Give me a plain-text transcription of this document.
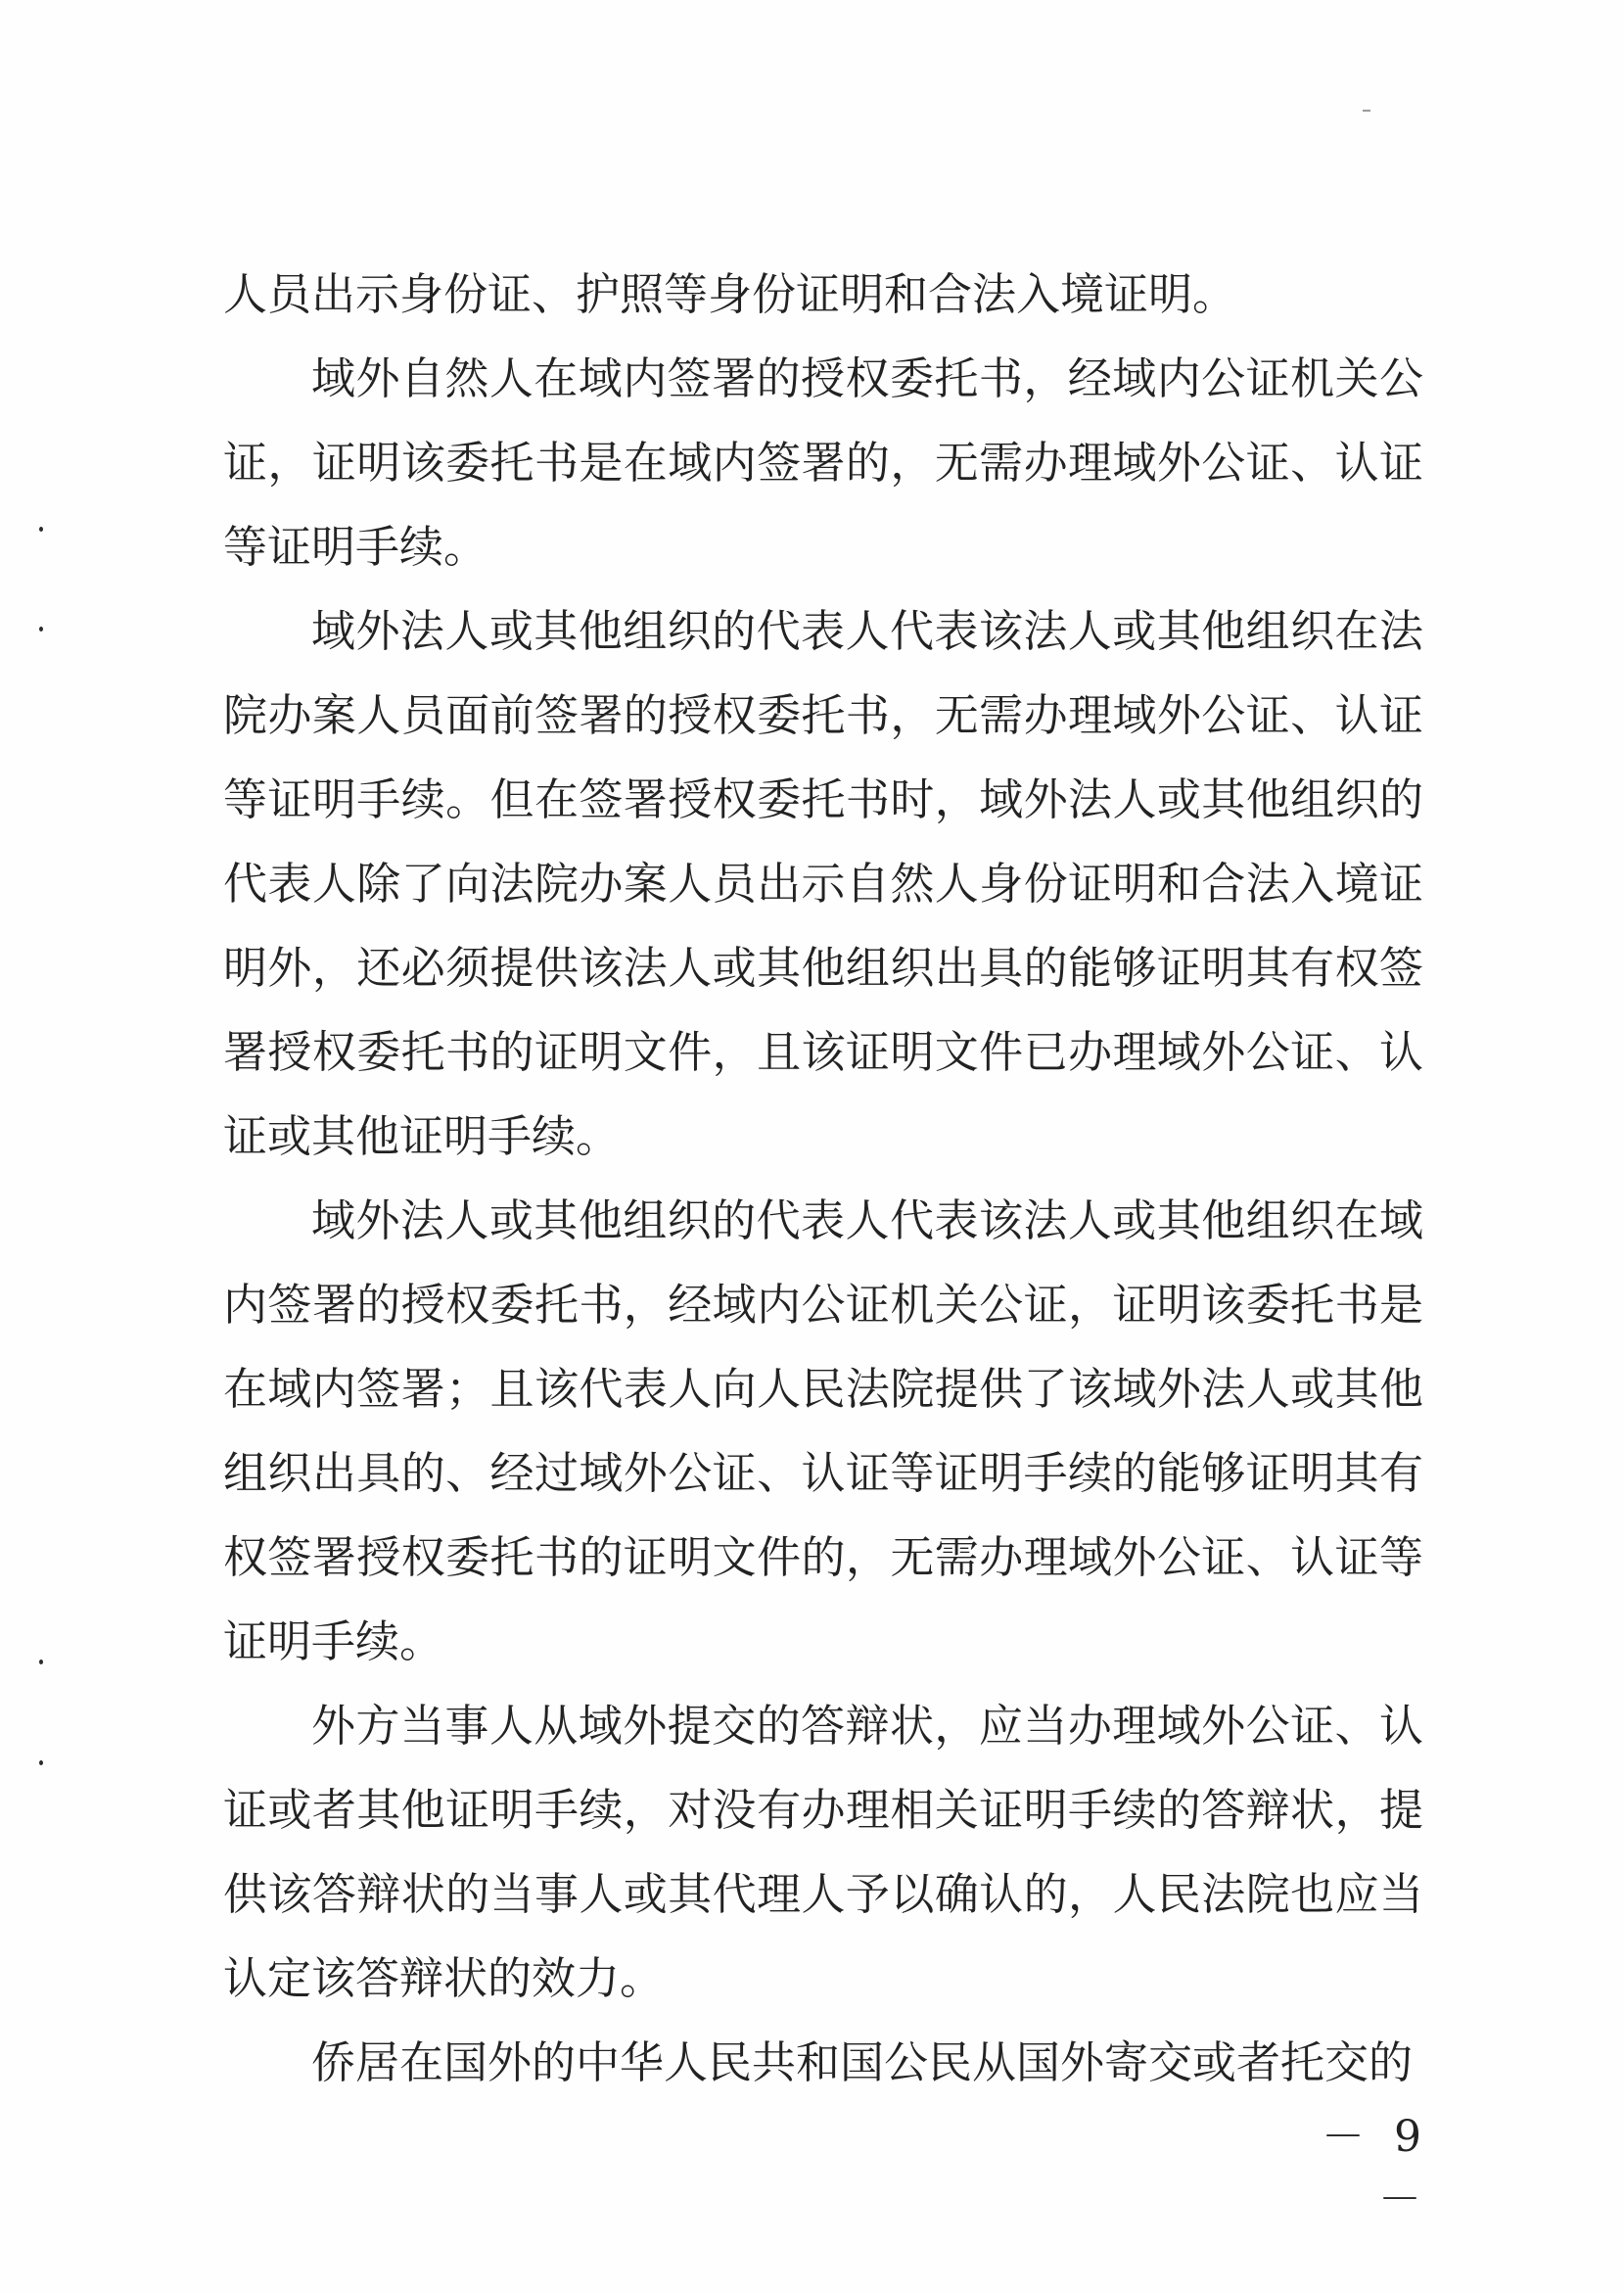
人员出示身份证、护照等身份证明和合法入境证明。

域外自然人在域内签署的授权委托书，经域内公证机关公证，证明该委托书是在域内签署的，无需办理域外公证、认证等证明手续。

域外法人或其他组织的代表人代表该法人或其他组织在法院办案人员面前签署的授权委托书，无需办理域外公证、认证等证明手续。但在签署授权委托书时，域外法人或其他组织的代表人除了向法院办案人员出示自然人身份证明和合法入境证明外，还必须提供该法人或其他组织出具的能够证明其有权签署授权委托书的证明文件，且该证明文件已办理域外公证、认证或其他证明手续。

域外法人或其他组织的代表人代表该法人或其他组织在域内签署的授权委托书，经域内公证机关公证，证明该委托书是在域内签署；且该代表人向人民法院提供了该域外法人或其他组织出具的、经过域外公证、认证等证明手续的能够证明其有权签署授权委托书的证明文件的，无需办理域外公证、认证等证明手续。

外方当事人从域外提交的答辩状，应当办理域外公证、认证或者其他证明手续，对没有办理相关证明手续的答辩状，提供该答辩状的当事人或其代理人予以确认的，人民法院也应当认定该答辩状的效力。

侨居在国外的中华人民共和国公民从国外寄交或者托交的

－ 9 －
